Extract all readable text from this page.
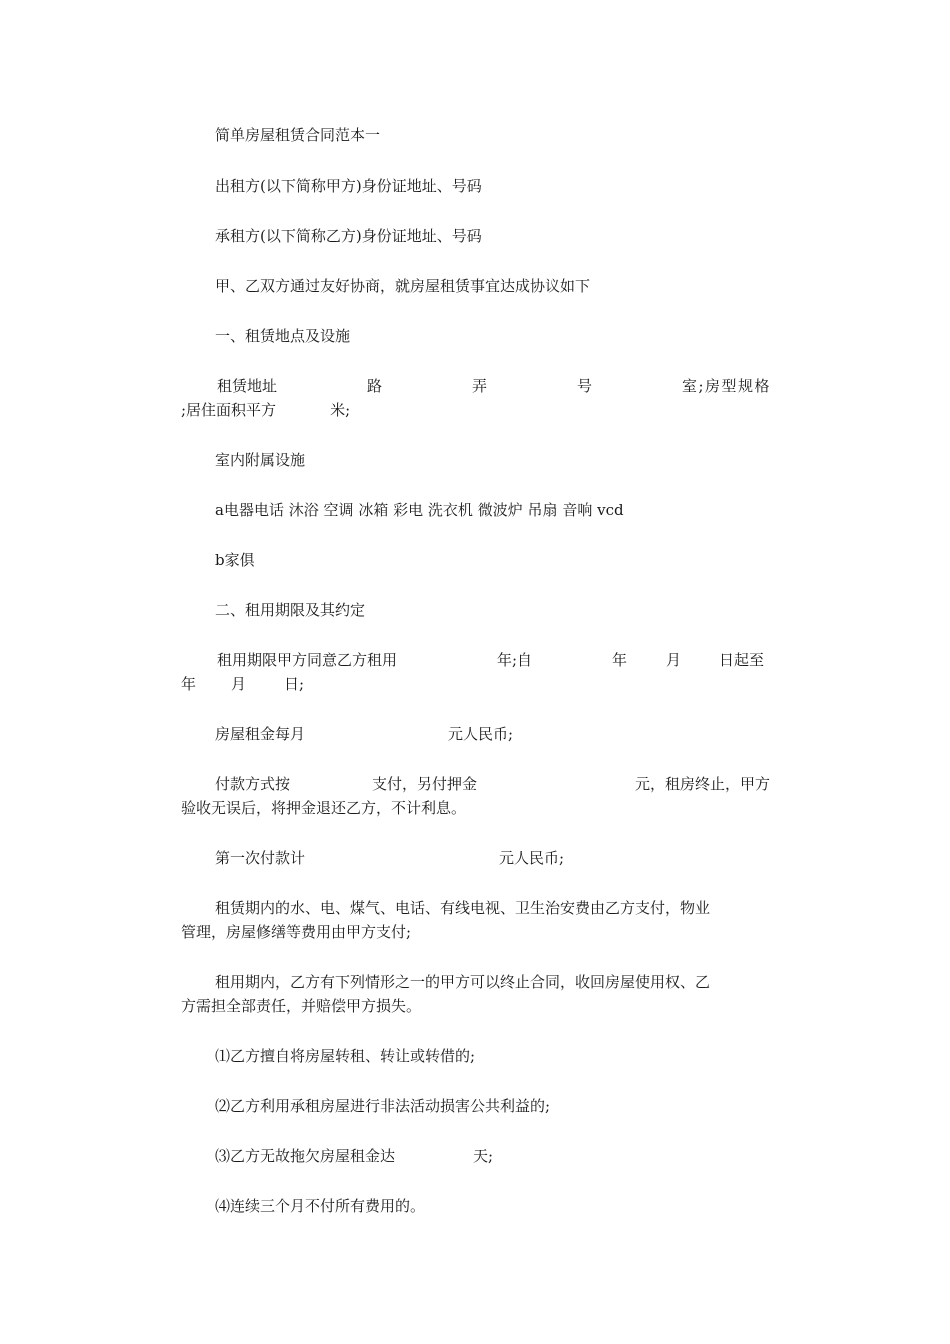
简单房屋租赁合同范本一
出租方(以下简称甲方)身份证地址、号码
承租方(以下简称乙方)身份证地址、号码
甲、乙双方通过友好协商，就房屋租赁事宜达成协议如下
一、租赁地点及设施
租赁地址	路	弄	号	室;房型规格
;居住面积平方	米;
室内附属设施
a电器电话 沐浴 空调 冰箱 彩电 洗衣机 微波炉 吊扇 音响 vcd
b家俱
二、租用期限及其约定
租用期限甲方同意乙方租用	年;自	年	月	日起至
年 月	日;
房屋租金每月	元人民币;
付款方式按	支付，另付押金	元，租房终止，甲方
验收无误后，将押金退还乙方，不计利息。
第一次付款计	元人民币;
租赁期内的水、电、煤气、电话、有线电视、卫生治安费由乙方支付，物业
管理，房屋修缮等费用由甲方支付;
租用期内，乙方有下列情形之一的甲方可以终止合同，收回房屋使用权、乙
方需担全部责任，并赔偿甲方损失。
⑴乙方擅自将房屋转租、转让或转借的;
⑵乙方利用承租房屋进行非法活动损害公共利益的;
⑶乙方无故拖欠房屋租金达	天;
⑷连续三个月不付所有费用的。
